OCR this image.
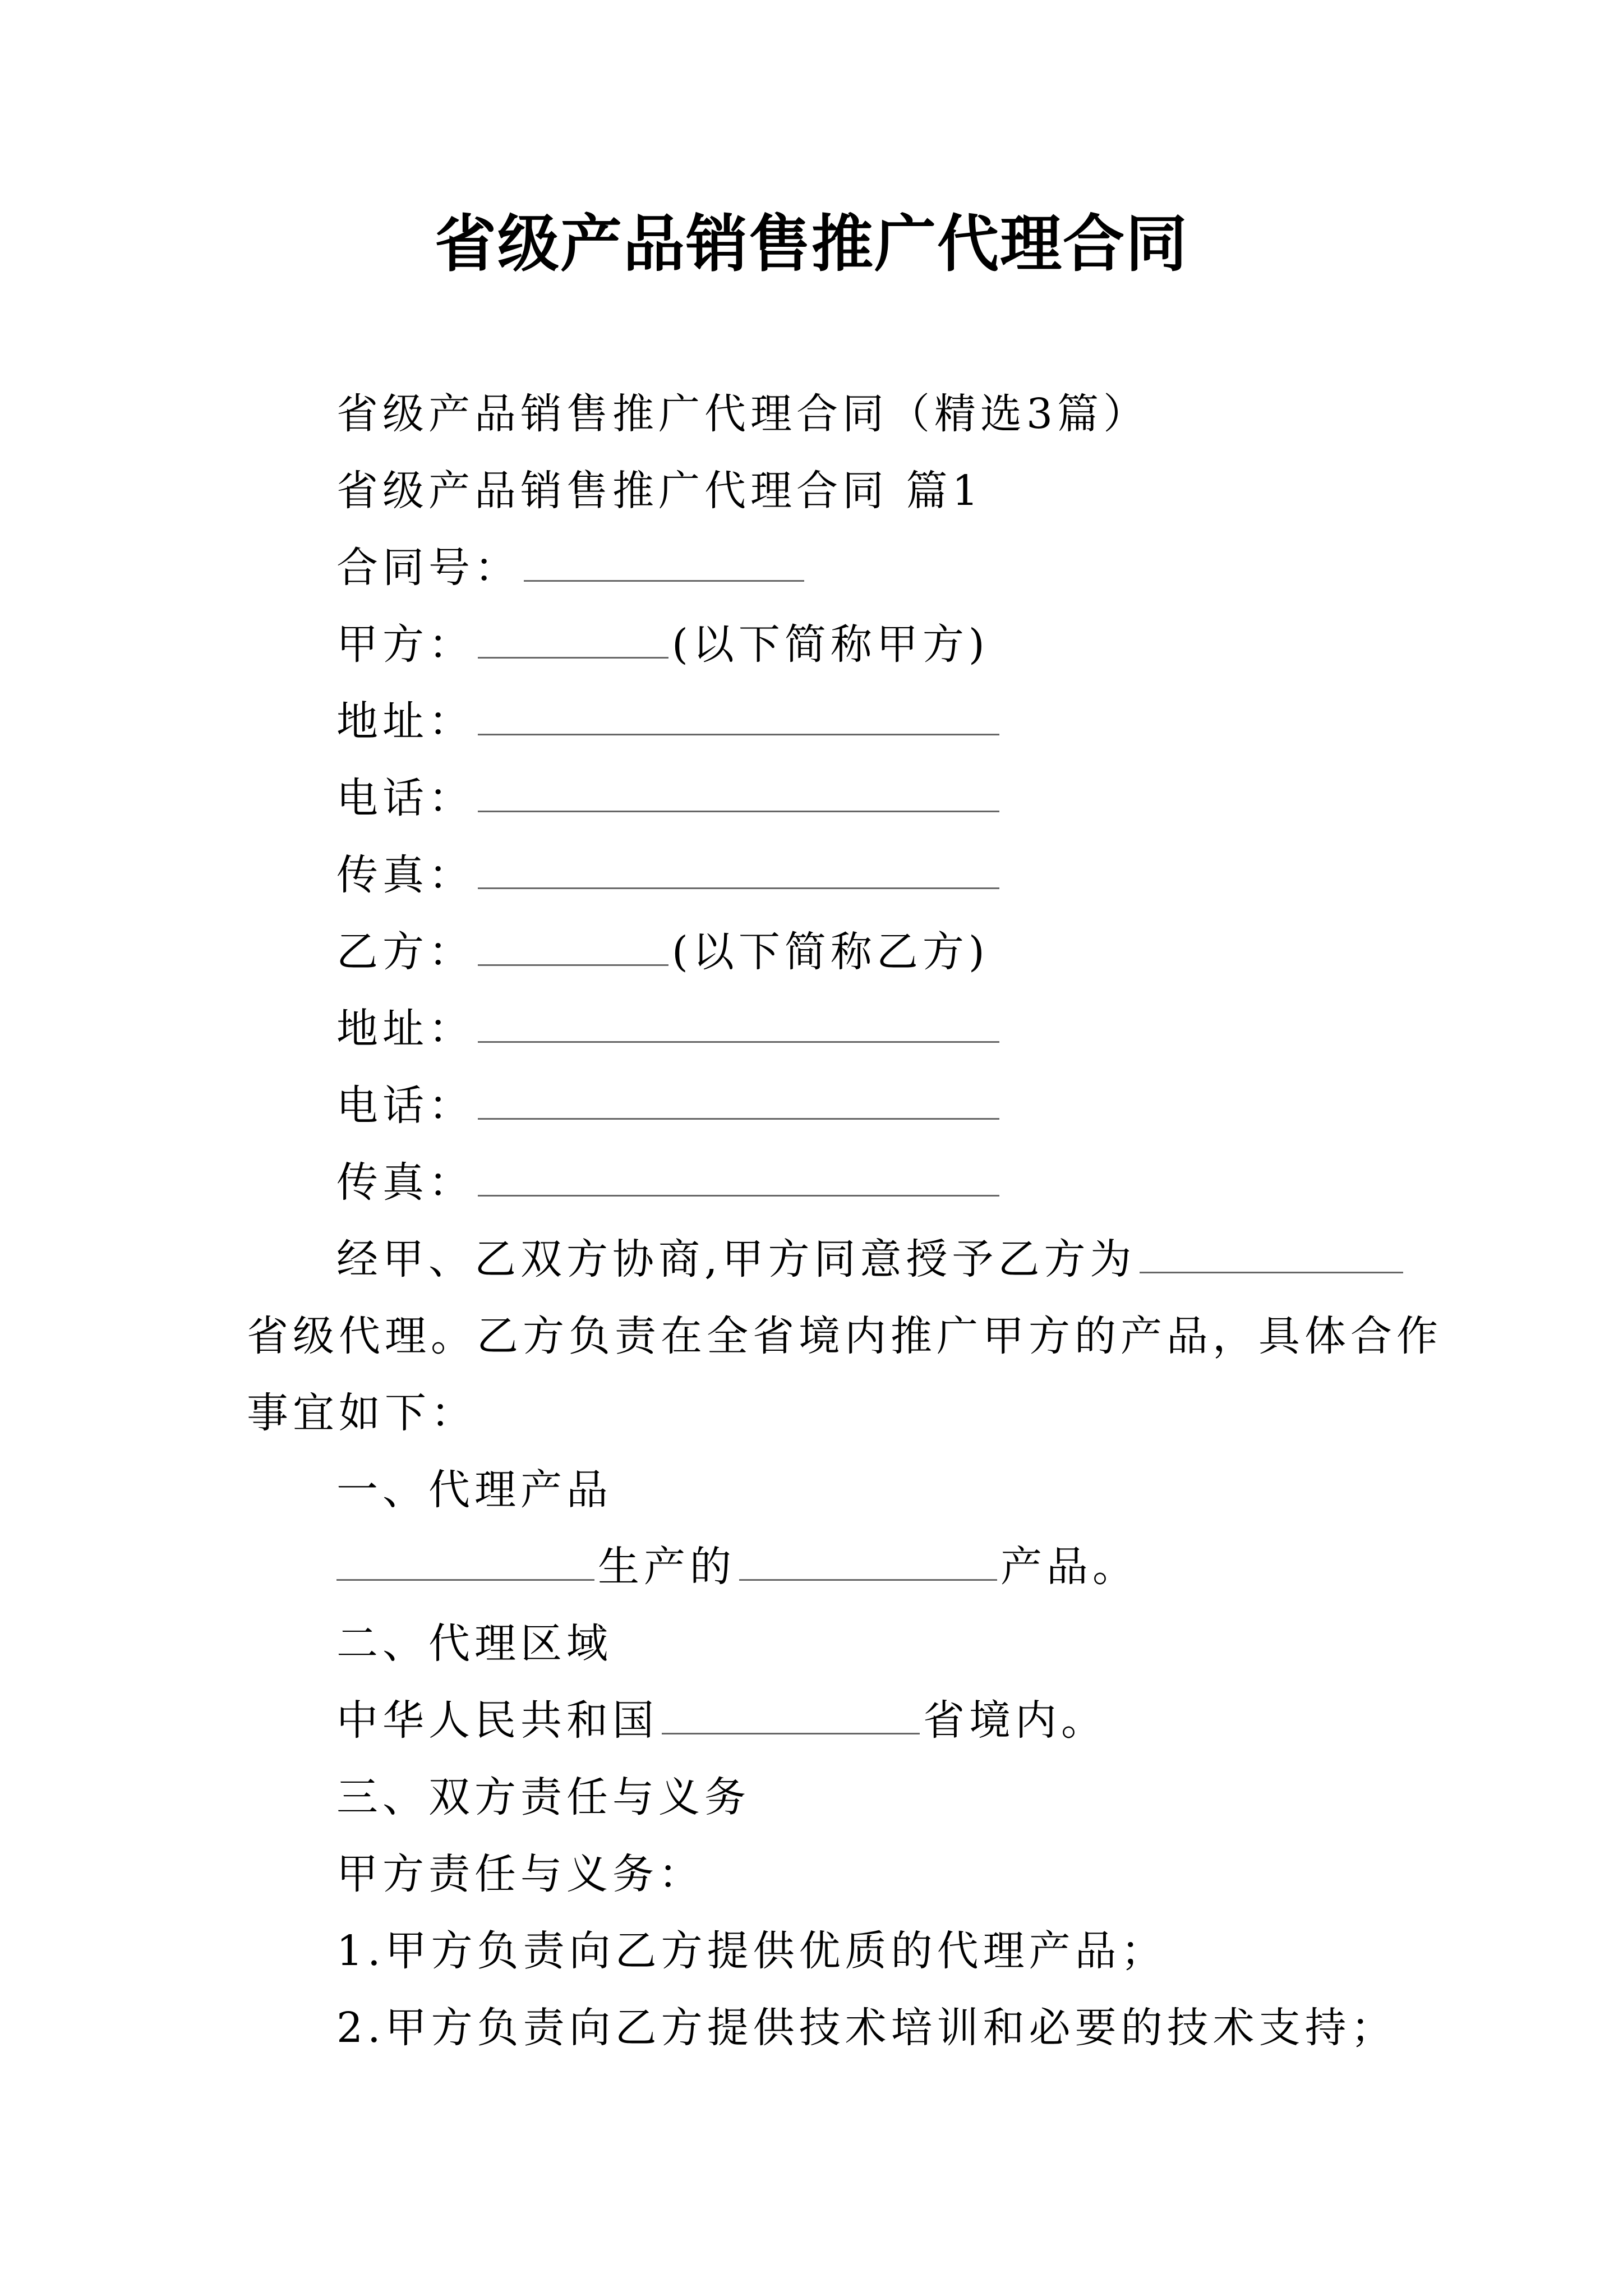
省级产品销售推广代理合同
省级产品销售推广代理合同（精选3篇）
省级产品销售推广代理合同 篇1
合同号：
甲方：	(以下简称甲方)
地址：
电话：
传真：
乙方：	(以下简称乙方)
地址：
电话：
传真：
经甲、乙双方协商,甲方同意授予乙方为
省级代理。乙方负责在全省境内推广甲方的产品，具体合作
事宜如下：
一、代理产品
生产的	产品。
二、代理区域
中华人民共和国	省境内。
三、双方责任与义务
甲方责任与义务：
1.甲方负责向乙方提供优质的代理产品；
2.甲方负责向乙方提供技术培训和必要的技术支持；
